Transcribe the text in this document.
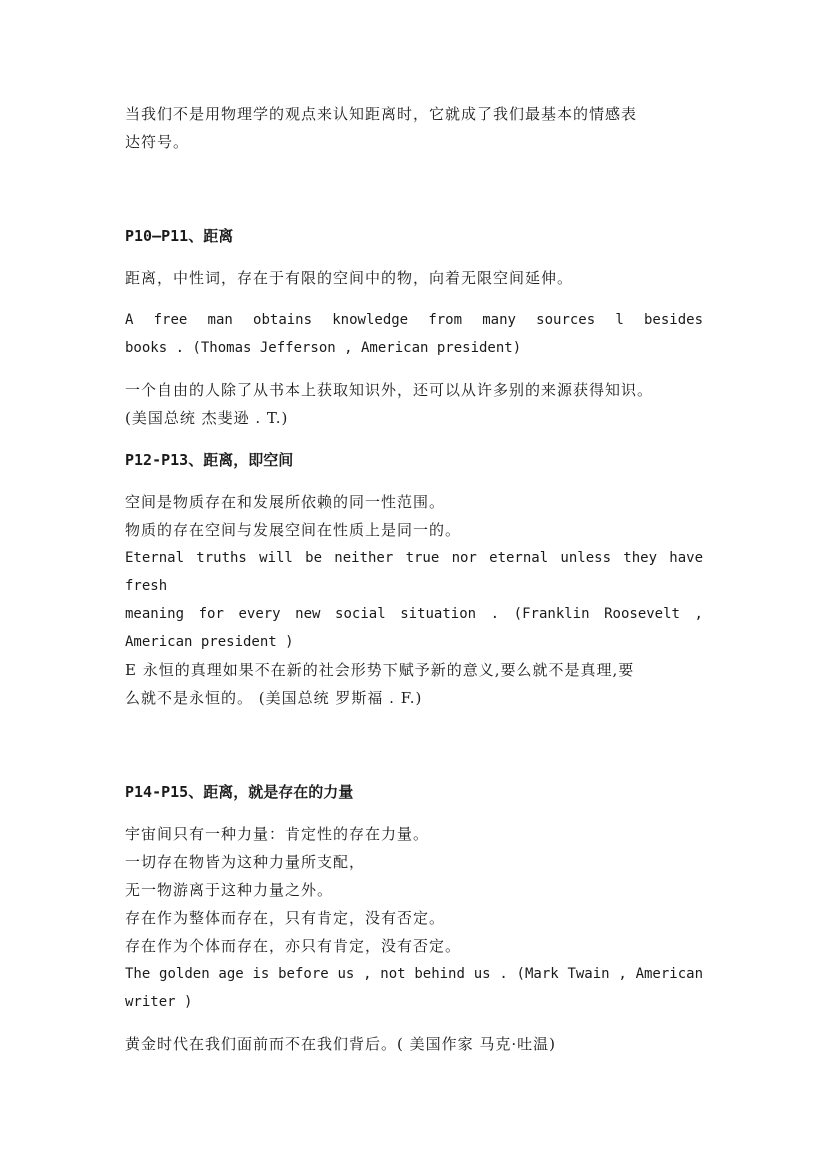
当我们不是用物理学的观点来认知距离时，它就成了我们最基本的情感表

达符号。

P10—P11、距离

距离，中性词，存在于有限的空间中的物，向着无限空间延伸。

A free man obtains knowledge from many sources l besides

books . (Thomas Jefferson , American president)

一个自由的人除了从书本上获取知识外，还可以从许多别的来源获得知识。

(美国总统 杰斐逊 . T.)

P12-P13、距离，即空间

空间是物质存在和发展所依赖的同一性范围。

物质的存在空间与发展空间在性质上是同一的。

Eternal truths will be neither true nor eternal unless they have fresh

meaning for every new social situation . (Franklin Roosevelt ,

American president )

E 永恒的真理如果不在新的社会形势下赋予新的意义,要么就不是真理,要

么就不是永恒的。 (美国总统 罗斯福 . F.)

P14-P15、距离，就是存在的力量

宇宙间只有一种力量：肯定性的存在力量。

一切存在物皆为这种力量所支配，

无一物游离于这种力量之外。

存在作为整体而存在，只有肯定，没有否定。

存在作为个体而存在，亦只有肯定，没有否定。

The golden age is before us , not behind us . (Mark Twain , American

writer )

黄金时代在我们面前而不在我们背后。( 美国作家 马克·吐温)
